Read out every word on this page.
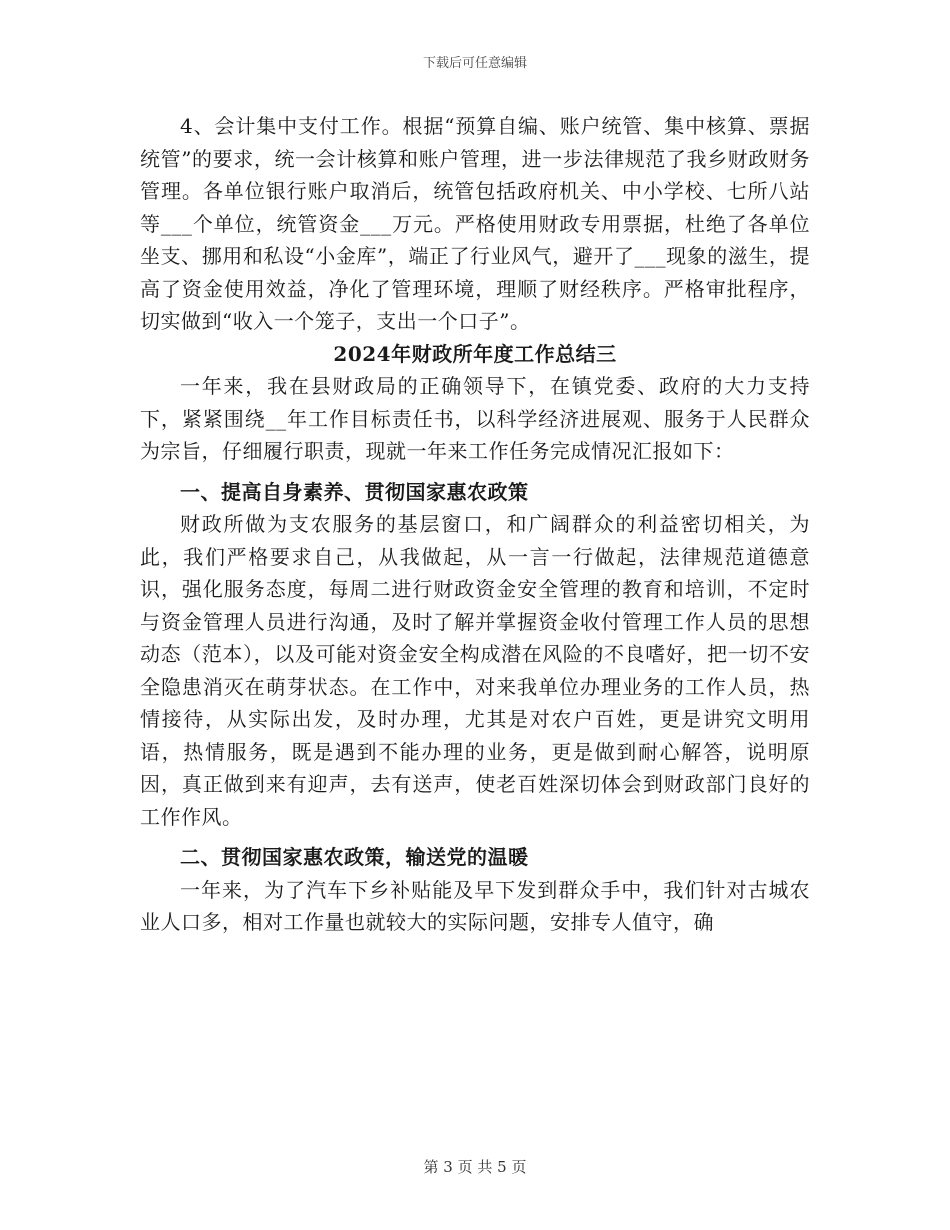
下载后可任意编辑

4、会计集中支付工作。根据“预算自编、账户统管、集中核算、票据统管”的要求，统一会计核算和账户管理，进一步法律规范了我乡财政财务管理。各单位银行账户取消后，统管包括政府机关、中小学校、七所八站等___个单位，统管资金___万元。严格使用财政专用票据，杜绝了各单位坐支、挪用和私设“小金库”，端正了行业风气，避开了___现象的滋生，提高了资金使用效益，净化了管理环境，理顺了财经秩序。严格审批程序，切实做到“收入一个笼子，支出一个口子”。

2024年财政所年度工作总结三

一年来，我在县财政局的正确领导下，在镇党委、政府的大力支持下，紧紧围绕__年工作目标责任书，以科学经济进展观、服务于人民群众为宗旨，仔细履行职责，现就一年来工作任务完成情况汇报如下：

一、提高自身素养、贯彻国家惠农政策

财政所做为支农服务的基层窗口，和广阔群众的利益密切相关，为此，我们严格要求自己，从我做起，从一言一行做起，法律规范道德意识，强化服务态度，每周二进行财政资金安全管理的教育和培训，不定时与资金管理人员进行沟通，及时了解并掌握资金收付管理工作人员的思想动态（范本），以及可能对资金安全构成潜在风险的不良嗜好，把一切不安全隐患消灭在萌芽状态。在工作中，对来我单位办理业务的工作人员，热情接待，从实际出发，及时办理，尤其是对农户百姓，更是讲究文明用语，热情服务，既是遇到不能办理的业务，更是做到耐心解答，说明原因，真正做到来有迎声，去有送声，使老百姓深切体会到财政部门良好的工作作风。

二、贯彻国家惠农政策，输送党的温暖

一年来，为了汽车下乡补贴能及早下发到群众手中，我们针对古城农业人口多，相对工作量也就较大的实际问题，安排专人值守，确

第 3 页 共 5 页
